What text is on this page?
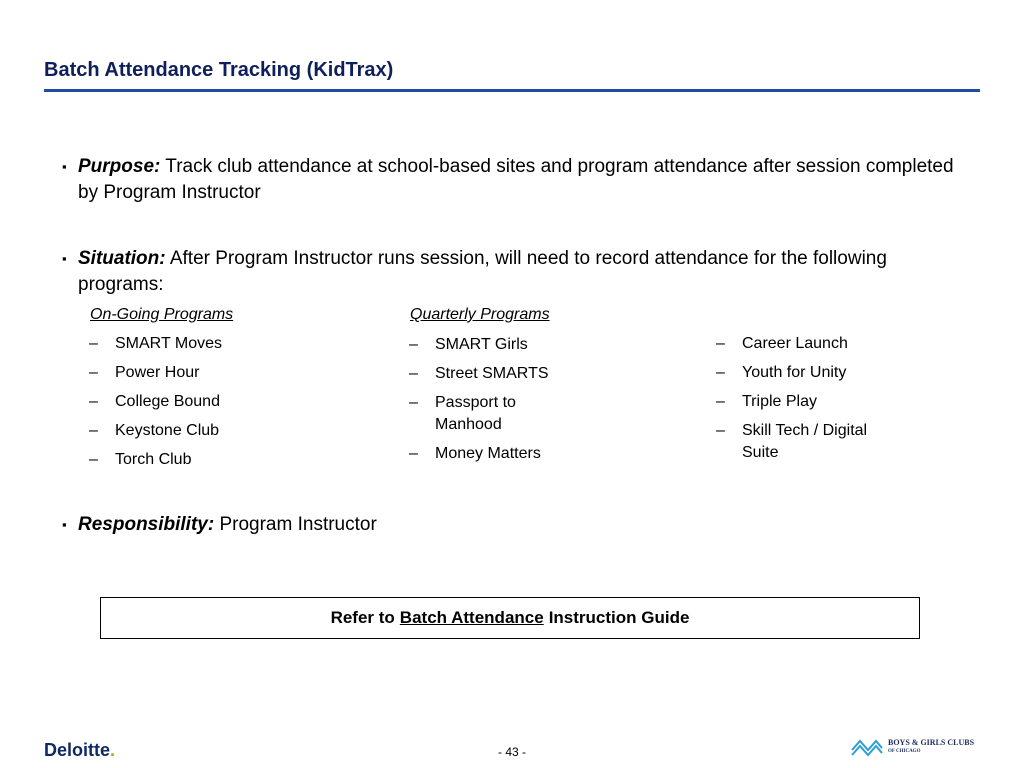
Batch Attendance Tracking (KidTrax)
▪ Purpose: Track club attendance at school-based sites and program attendance after session completed by Program Instructor
▪ Situation: After Program Instructor runs session, will need to record attendance for the following programs:
On-Going Programs
– SMART Moves
– Power Hour
– College Bound
– Keystone Club
– Torch Club
Quarterly Programs
– SMART Girls
– Street SMARTS
– Passport to Manhood
– Money Matters
– Career Launch
– Youth for Unity
– Triple Play
– Skill Tech / Digital Suite
▪ Responsibility: Program Instructor
Refer to Batch Attendance Instruction Guide
Deloitte.	- 43 -
BOYS & GIRLS CLUBS
OF CHICAGO
